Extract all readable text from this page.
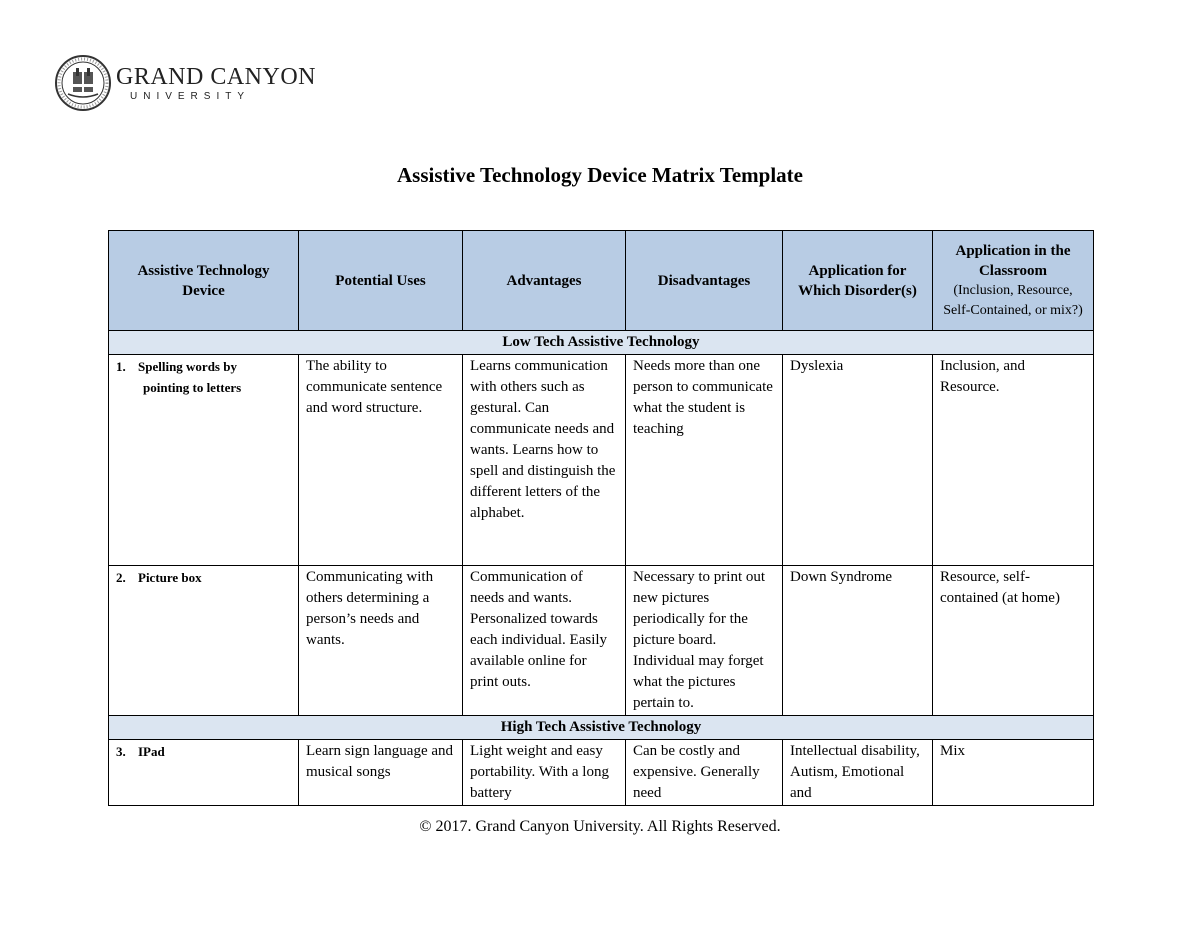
GRAND CANYON
UNIVERSITY
Assistive Technology Device Matrix Template
Assistive Technology Device	Potential Uses	Advantages	Disadvantages	Application for Which Disorder(s)	Application in the Classroom
(Inclusion, Resource, Self-Contained, or mix?)

Low Tech Assistive Technology					
1. Spelling words by
pointing to letters	The ability to communicate sentence and word structure.	Learns communication with others such as gestural. Can communicate needs and wants. Learns how to spell and distinguish the different letters of the alphabet.	Needs more than one person to communicate what the student is teaching	Dyslexia	Inclusion, and Resource.
2. Picture box	Communicating with others determining a person’s needs and wants.	Communication of needs and wants. Personalized towards each individual. Easily available online for print outs.	Necessary to print out new pictures periodically for the picture board. Individual may forget what the pictures pertain to.	Down Syndrome	Resource, self-contained (at home)
High Tech Assistive Technology					
3. IPad	Learn sign language and musical songs	Light weight and easy portability. With a long battery	Can be costly and expensive. Generally need	Intellectual disability, Autism, Emotional and	Mix
© 2017. Grand Canyon University. All Rights Reserved.
